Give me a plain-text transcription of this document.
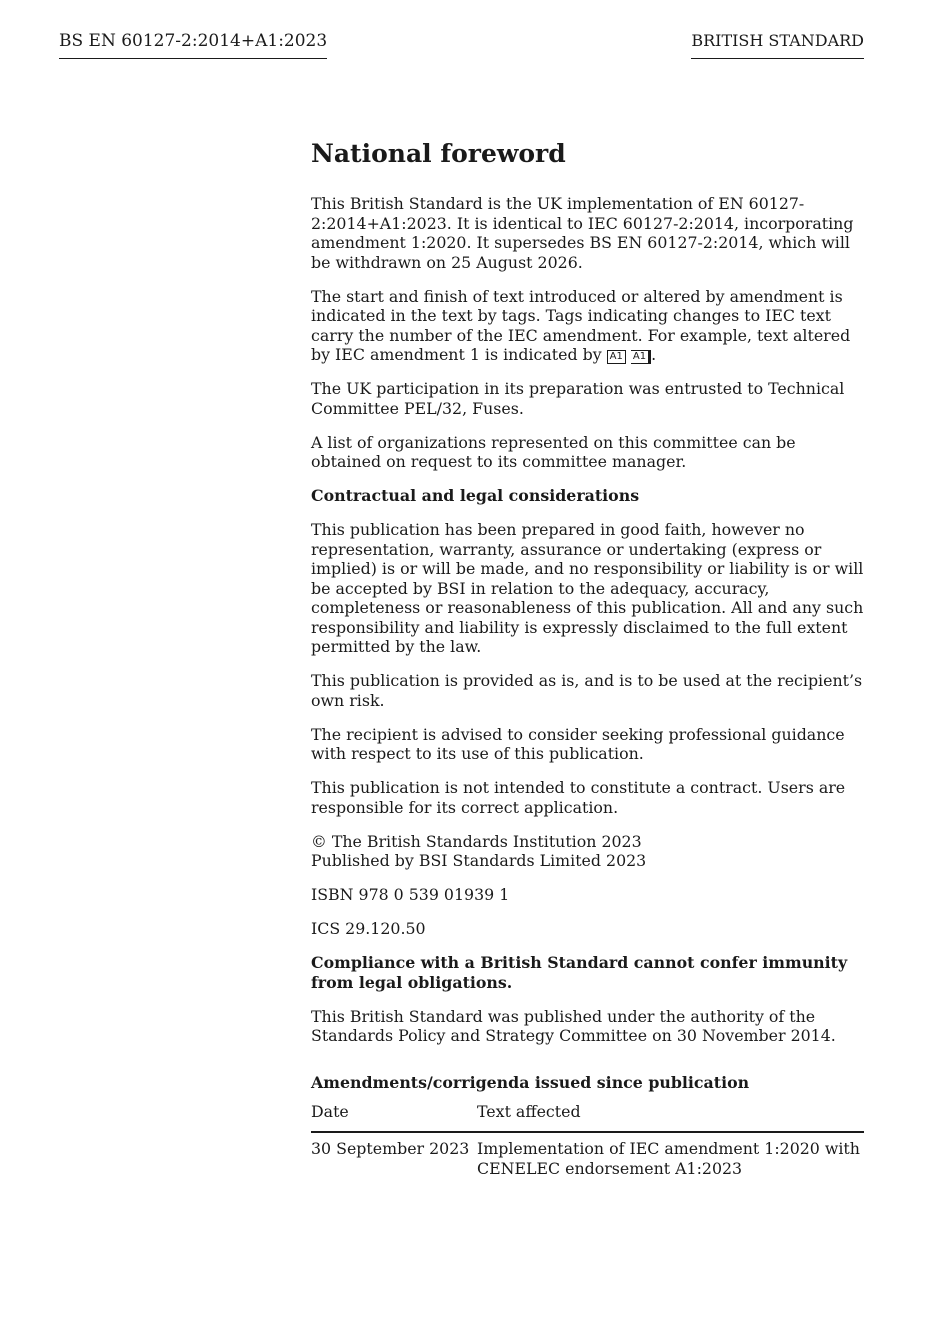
BS EN 60127-2:2014+A1:2023	BRITISH STANDARD
National foreword

This British Standard is the UK implementation of EN 60127-2:2014+A1:2023. It is identical to IEC 60127-2:2014, incorporating amendment 1:2020. It supersedes BS EN 60127-2:2014, which will be withdrawn on 25 August 2026.

The start and finish of text introduced or altered by amendment is indicated in the text by tags. Tags indicating changes to IEC text carry the number of the IEC amendment. For example, text altered by IEC amendment 1 is indicated by A1 A1 .

The UK participation in its preparation was entrusted to Technical Committee PEL/32, Fuses.

A list of organizations represented on this committee can be obtained on request to its committee manager.

Contractual and legal considerations

This publication has been prepared in good faith, however no representation, warranty, assurance or undertaking (express or implied) is or will be made, and no responsibility or liability is or will be accepted by BSI in relation to the adequacy, accuracy, completeness or reasonableness of this publication. All and any such responsibility and liability is expressly disclaimed to the full extent permitted by the law.

This publication is provided as is, and is to be used at the recipient’s own risk.

The recipient is advised to consider seeking professional guidance with respect to its use of this publication.

This publication is not intended to constitute a contract. Users are responsible for its correct application.

© The British Standards Institution 2023
Published by BSI Standards Limited 2023

ISBN 978 0 539 01939 1

ICS 29.120.50

Compliance with a British Standard cannot confer immunity from legal obligations.

This British Standard was published under the authority of the Standards Policy and Strategy Committee on 30 November 2014.

Amendments/corrigenda issued since publication
Date	Text affected
30 September 2023	Implementation of IEC amendment 1:2020 with CENELEC endorsement A1:2023
